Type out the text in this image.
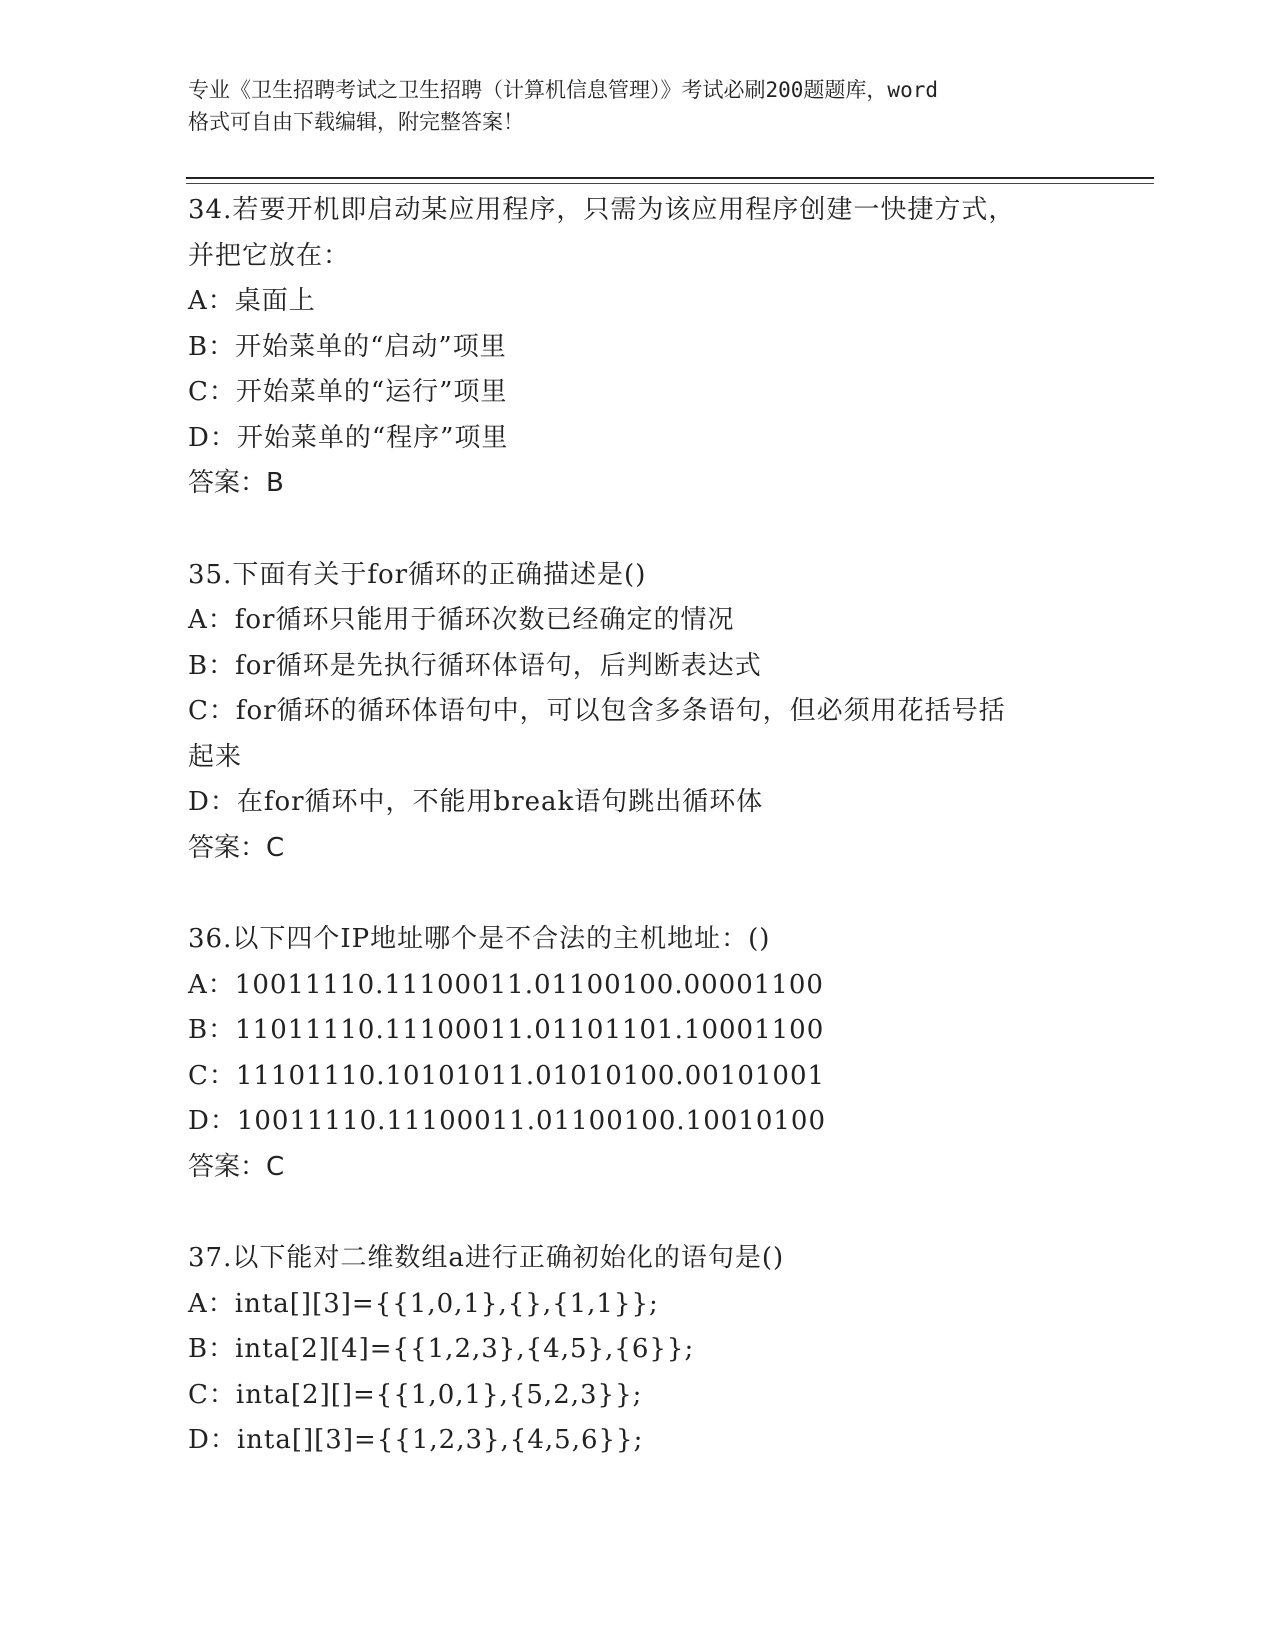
专业《卫生招聘考试之卫生招聘（计算机信息管理）》考试必刷200题题库，word
格式可自由下载编辑，附完整答案！
34.若要开机即启动某应用程序，只需为该应用程序创建一快捷方式，
并把它放在：
A：桌面上
B：开始菜单的“启动”项里
C：开始菜单的“运行”项里
D：开始菜单的“程序”项里
答案：B
35.下面有关于for循环的正确描述是()
A：for循环只能用于循环次数已经确定的情况
B：for循环是先执行循环体语句，后判断表达式
C：for循环的循环体语句中，可以包含多条语句，但必须用花括号括
起来
D：在for循环中，不能用break语句跳出循环体
答案：C
36.以下四个IP地址哪个是不合法的主机地址：()
A：10011110.11100011.01100100.00001100
B：11011110.11100011.01101101.10001100
C：11101110.10101011.01010100.00101001
D：10011110.11100011.01100100.10010100
答案：C
37.以下能对二维数组a进行正确初始化的语句是()
A：inta[][3]={{1,0,1},{},{1,1}};
B：inta[2][4]={{1,2,3},{4,5},{6}};
C：inta[2][]={{1,0,1},{5,2,3}};
D：inta[][3]={{1,2,3},{4,5,6}};
